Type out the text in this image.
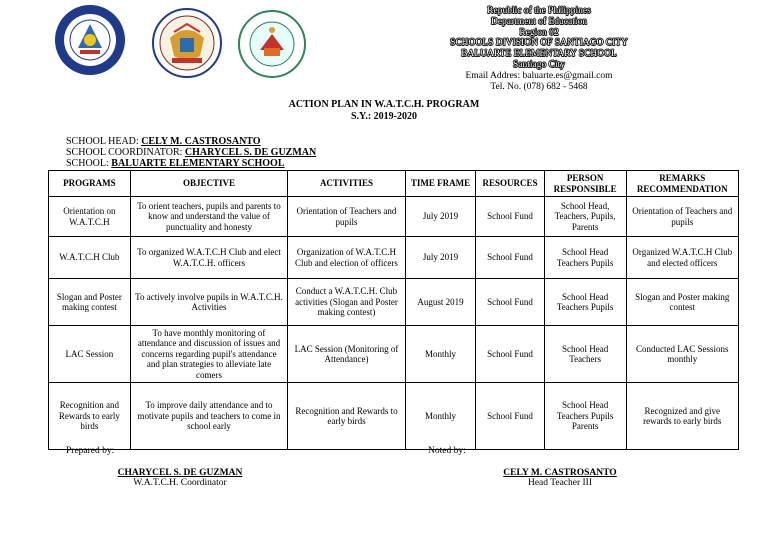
Republic of the Philippines
Department of Education
Region 02
SCHOOLS DIVISION OF SANTIAGO CITY
BALUARTE ELEMENTARY SCHOOL
Santiago City
Email Addres: baluarte.es@gmail.com
Tel. No. (078) 682 - 5468
ACTION PLAN IN W.A.T.C.H. PROGRAM
S.Y.: 2019-2020
SCHOOL HEAD: CELY M. CASTROSANTO
SCHOOL COORDINATOR: CHARYCEL S. DE GUZMAN
SCHOOL: BALUARTE ELEMENTARY SCHOOL
PROGRAMS	OBJECTIVE	ACTIVITIES	TIME FRAME	RESOURCES	PERSON RESPONSIBLE	REMARKS RECOMMENDATION
Orientation on W.A.T.C.H	To orient teachers, pupils and parents to know and understand the value of punctuality and honesty	Orientation of Teachers and pupils	July 2019	School Fund	School Head, Teachers, Pupils, Parents	Orientation of Teachers and pupils
W.A.T.C.H Club	To organized W.A.T.C.H Club and elect W.A.T.C.H. officers	Organization of W.A.T.C.H Club and election of officers	July 2019	School Fund	School Head Teachers Pupils	Organized W.A.T.C.H Club and elected officers
Slogan and Poster making contest	To actively involve pupils in W.A.T.C.H. Activities	Conduct a W.A.T.C.H. Club activities (Slogan and Poster making contest)	August 2019	School Fund	School Head Teachers Pupils	Slogan and Poster making contest
LAC Session	To have monthly monitoring of attendance and discussion of issues and concerns regarding pupil's attendance and plan strategies to alleviate late comers	LAC Session (Monitoring of Attendance)	Monthly	School Fund	School Head Teachers	Conducted LAC Sessions monthly
Recognition and Rewards to early birds	To improve daily attendance and to motivate pupils and teachers to come in school early	Recognition and Rewards to early birds	Monthly	School Fund	School Head Teachers Pupils Parents	Recognized and give rewards to early birds
Prepared by:	Noted by:
CHARYCEL S. DE GUZMAN
W.A.T.C.H. Coordinator
CELY M. CASTROSANTO
Head Teacher III
